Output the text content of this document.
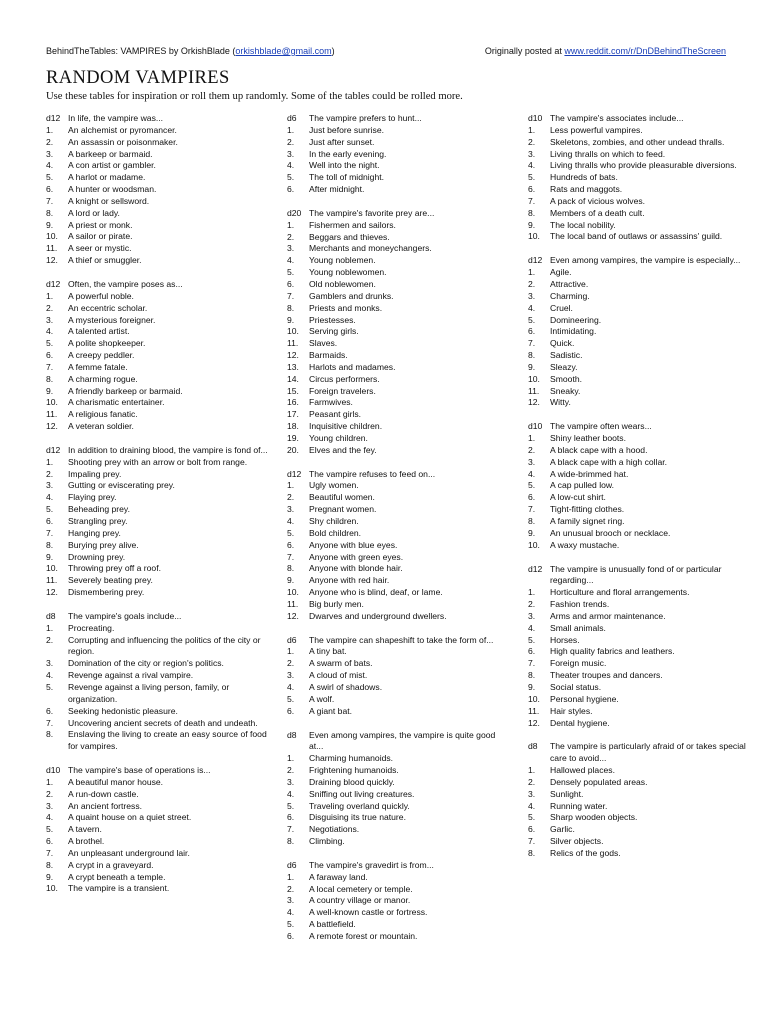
BehindTheTables: VAMPIRES by OrkishBlade (orkishblade@gmail.com)	Originally posted at www.reddit.com/r/DnDBehindTheScreen
RANDOM VAMPIRES
Use these tables for inspiration or roll them up randomly. Some of the tables could be rolled more.
d12 In life, the vampire was...
1.	An alchemist or pyromancer.
2.	An assassin or poisonmaker.
3.	A barkeep or barmaid.
4.	A con artist or gambler.
5.	A harlot or madame.
6.	A hunter or woodsman.
7.	A knight or sellsword.
8.	A lord or lady.
9.	A priest or monk.
10.	A sailor or pirate.
11.	A seer or mystic.
12.	A thief or smuggler.
d12 Often, the vampire poses as...
1.	A powerful noble.
2.	An eccentric scholar.
3.	A mysterious foreigner.
4.	A talented artist.
5.	A polite shopkeeper.
6.	A creepy peddler.
7.	A femme fatale.
8.	A charming rogue.
9.	A friendly barkeep or barmaid.
10.	A charismatic entertainer.
11.	A religious fanatic.
12.	A veteran soldier.
d12 In addition to draining blood, the vampire is fond of...
1.	Shooting prey with an arrow or bolt from range.
2.	Impaling prey.
3.	Gutting or eviscerating prey.
4.	Flaying prey.
5.	Beheading prey.
6.	Strangling prey.
7.	Hanging prey.
8.	Burying prey alive.
9.	Drowning prey.
10.	Throwing prey off a roof.
11.	Severely beating prey.
12.	Dismembering prey.
d8	The vampire's goals include...
1.	Procreating.
2.	Corrupting and influencing the politics of the city or region.
3.	Domination of the city or region's politics.
4.	Revenge against a rival vampire.
5.	Revenge against a living person, family, or organization.
6.	Seeking hedonistic pleasure.
7.	Uncovering ancient secrets of death and undeath.
8.	Enslaving the living to create an easy source of food for vampires.
d10 The vampire's base of operations is...
1.	A beautiful manor house.
2.	A run-down castle.
3.	An ancient fortress.
4.	A quaint house on a quiet street.
5.	A tavern.
6.	A brothel.
7.	An unpleasant underground lair.
8.	A crypt in a graveyard.
9.	A crypt beneath a temple.
10.	The vampire is a transient.
d6	The vampire prefers to hunt...
1.	Just before sunrise.
2.	Just after sunset.
3.	In the early evening.
4.	Well into the night.
5.	The toll of midnight.
6.	After midnight.
d20 The vampire's favorite prey are...
1.	Fishermen and sailors.
2.	Beggars and thieves.
3.	Merchants and moneychangers.
4.	Young noblemen.
5.	Young noblewomen.
6.	Old noblewomen.
7.	Gamblers and drunks.
8.	Priests and monks.
9.	Priestesses.
10.	Serving girls.
11.	Slaves.
12.	Barmaids.
13.	Harlots and madames.
14.	Circus performers.
15.	Foreign travelers.
16.	Farmwives.
17.	Peasant girls.
18.	Inquisitive children.
19.	Young children.
20.	Elves and the fey.
d12 The vampire refuses to feed on...
1.	Ugly women.
2.	Beautiful women.
3.	Pregnant women.
4.	Shy children.
5.	Bold children.
6.	Anyone with blue eyes.
7.	Anyone with green eyes.
8.	Anyone with blonde hair.
9.	Anyone with red hair.
10.	Anyone who is blind, deaf, or lame.
11.	Big burly men.
12.	Dwarves and underground dwellers.
d6	The vampire can shapeshift to take the form of...
1.	A tiny bat.
2.	A swarm of bats.
3.	A cloud of mist.
4.	A swirl of shadows.
5.	A wolf.
6.	A giant bat.
d8	Even among vampires, the vampire is quite good at...
1.	Charming humanoids.
2.	Frightening humanoids.
3.	Draining blood quickly.
4.	Sniffing out living creatures.
5.	Traveling overland quickly.
6.	Disguising its true nature.
7.	Negotiations.
8.	Climbing.
d6	The vampire's gravedirt is from...
1.	A faraway land.
2.	A local cemetery or temple.
3.	A country village or manor.
4.	A well-known castle or fortress.
5.	A battlefield.
6.	A remote forest or mountain.
d10 The vampire's associates include...
1.	Less powerful vampires.
2.	Skeletons, zombies, and other undead thralls.
3.	Living thralls on which to feed.
4.	Living thralls who provide pleasurable diversions.
5.	Hundreds of bats.
6.	Rats and maggots.
7.	A pack of vicious wolves.
8.	Members of a death cult.
9.	The local nobility.
10.	The local band of outlaws or assassins' guild.
d12 Even among vampires, the vampire is especially...
1.	Agile.
2.	Attractive.
3.	Charming.
4.	Cruel.
5.	Domineering.
6.	Intimidating.
7.	Quick.
8.	Sadistic.
9.	Sleazy.
10.	Smooth.
11.	Sneaky.
12.	Witty.
d10 The vampire often wears...
1.	Shiny leather boots.
2.	A black cape with a hood.
3.	A black cape with a high collar.
4.	A wide-brimmed hat.
5.	A cap pulled low.
6.	A low-cut shirt.
7.	Tight-fitting clothes.
8.	A family signet ring.
9.	An unusual brooch or necklace.
10.	A waxy mustache.
d12 The vampire is unusually fond of or particular regarding...
1.	Horticulture and floral arrangements.
2.	Fashion trends.
3.	Arms and armor maintenance.
4.	Small animals.
5.	Horses.
6.	High quality fabrics and leathers.
7.	Foreign music.
8.	Theater troupes and dancers.
9.	Social status.
10.	Personal hygiene.
11.	Hair styles.
12.	Dental hygiene.
d8	The vampire is particularly afraid of or takes special care to avoid...
1.	Hallowed places.
2.	Densely populated areas.
3.	Sunlight.
4.	Running water.
5.	Sharp wooden objects.
6.	Garlic.
7.	Silver objects.
8.	Relics of the gods.
